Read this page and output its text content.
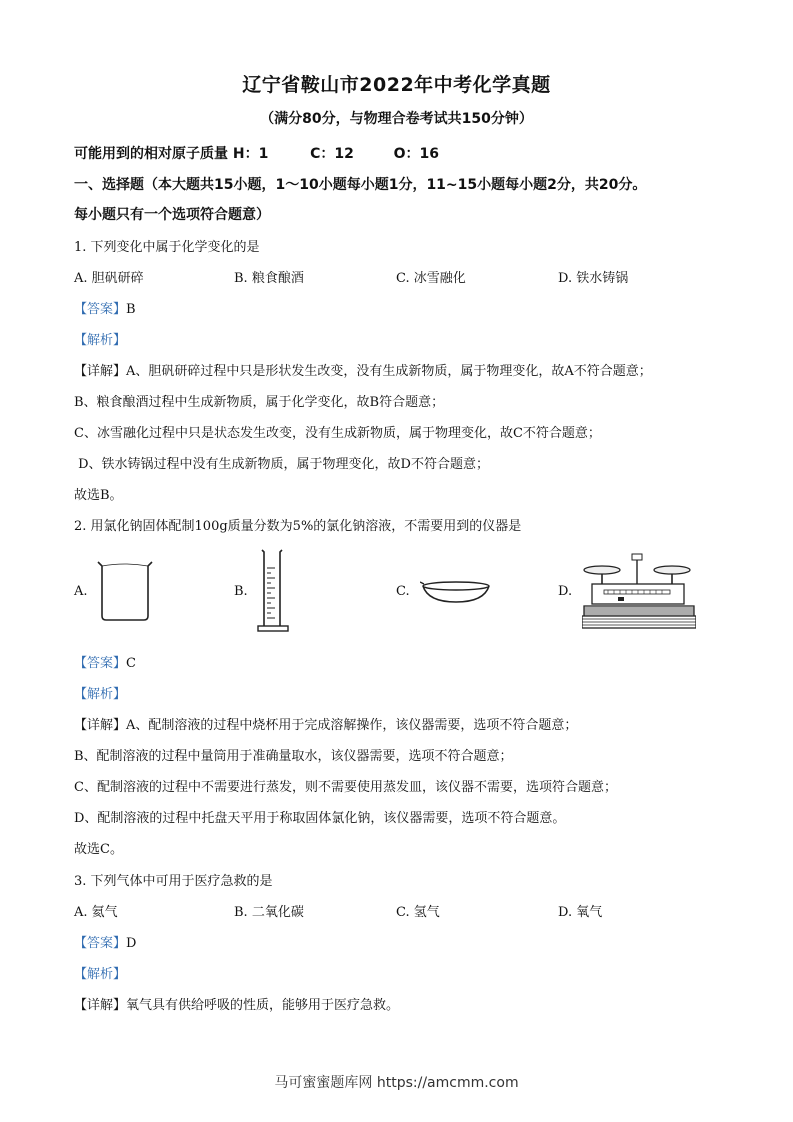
辽宁省鞍山市2022年中考化学真题
（满分80分，与物理合卷考试共150分钟）
可能用到的相对原子质量 H：1	C：12	O：16
一、选择题（本大题共15小题，1～10小题每小题1分，11~15小题每小题2分，共20分。
每小题只有一个选项符合题意）
1. 下列变化中属于化学变化的是
A. 胆矾研碎	B. 粮食酿酒	C. 冰雪融化	D. 铁水铸锅
【答案】B
【解析】
【详解】A、胆矾研碎过程中只是形状发生改变，没有生成新物质，属于物理变化，故A不符合题意；
B、粮食酿酒过程中生成新物质，属于化学变化，故B符合题意；
C、冰雪融化过程中只是状态发生改变，没有生成新物质，属于物理变化，故C不符合题意；
D、铁水铸锅过程中没有生成新物质，属于物理变化，故D不符合题意；
故选B。
2. 用氯化钠固体配制100g质量分数为5%的氯化钠溶液，不需要用到的仪器是
A.	B.	C.	D.
【答案】C
【解析】
【详解】A、配制溶液的过程中烧杯用于完成溶解操作，该仪器需要，选项不符合题意；
B、配制溶液的过程中量筒用于准确量取水，该仪器需要，选项不符合题意；
C、配制溶液的过程中不需要进行蒸发，则不需要使用蒸发皿，该仪器不需要，选项符合题意；
D、配制溶液的过程中托盘天平用于称取固体氯化钠，该仪器需要，选项不符合题意。
故选C。
3. 下列气体中可用于医疗急救的是
A. 氦气	B. 二氧化碳	C. 氢气	D. 氧气
【答案】D
【解析】
【详解】氧气具有供给呼吸的性质，能够用于医疗急救。
马可蜜蜜题库网 https://amcmm.com
